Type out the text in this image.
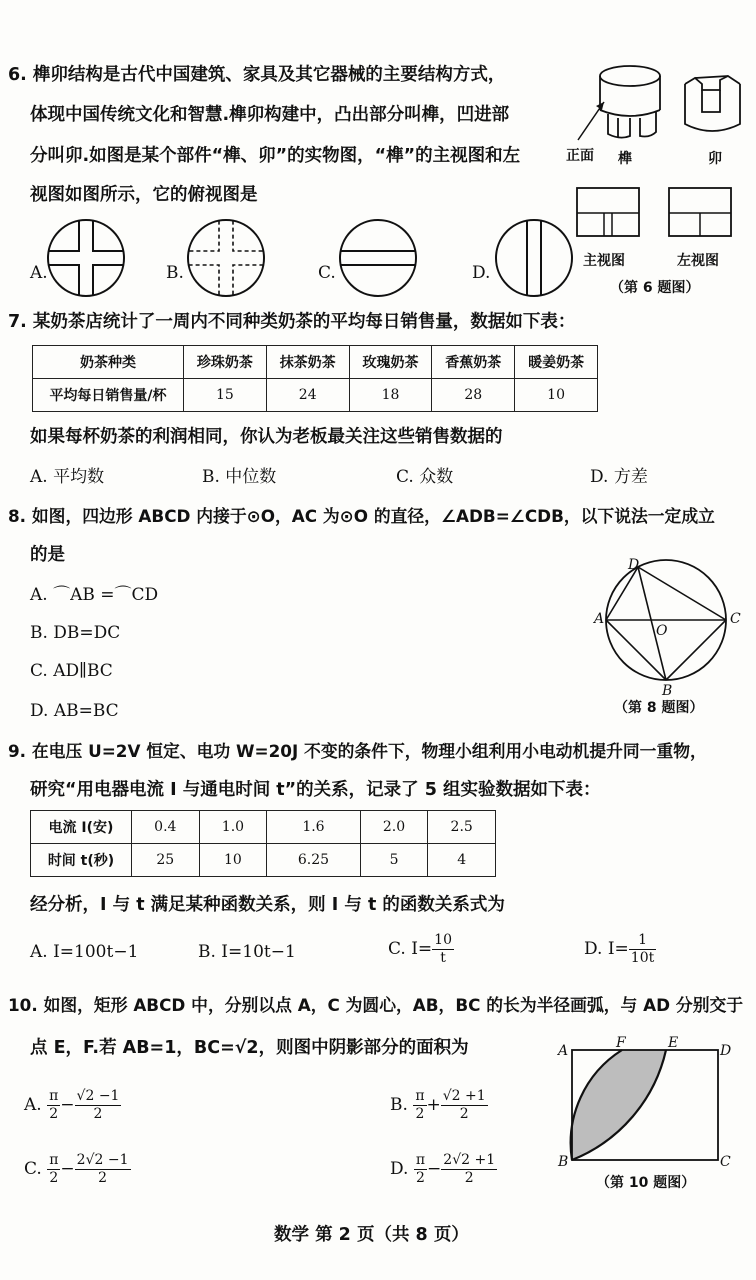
6. 榫卯结构是古代中国建筑、家具及其它器械的主要结构方式，
体现中国传统文化和智慧.榫卯构建中，凸出部分叫榫，凹进部
分叫卯.如图是某个部件“榫、卯”的实物图，“榫”的主视图和左
视图如图所示，它的俯视图是
正面 榫	卯
主视图	左视图
（第 6 题图）
A.	B.	C.	D.
7. 某奶茶店统计了一周内不同种类奶茶的平均每日销售量，数据如下表：
奶茶种类	珍珠奶茶	抹茶奶茶	玫瑰奶茶	香蕉奶茶	暖姜奶茶
平均每日销售量/杯	15	24	18	28	10
如果每杯奶茶的利润相同，你认为老板最关注这些销售数据的
A. 平均数	B. 中位数	C. 众数	D. 方差
8. 如图，四边形 ABCD 内接于⊙O，AC 为⊙O 的直径，∠ADB=∠CDB，以下说法一定成立
的是
A. ⌒AB =⌒CD
B. DB=DC
C. AD∥BC
D. AB=BC
D
A
O
C
B
（第 8 题图）
9. 在电压 U=2V 恒定、电功 W=20J 不变的条件下，物理小组利用小电动机提升同一重物，
研究“用电器电流 I 与通电时间 t”的关系，记录了 5 组实验数据如下表：
电流 I(安)	0.4	1.0	1.6	2.0	2.5
时间 t(秒)	25	10	6.25	5	4
经分析，I 与 t 满足某种函数关系，则 I 与 t 的函数关系式为
A. I=100t−1	B. I=10t−1	C. $I= \frac{10}{t}$	D. $I= \frac{1}{10t}$
10. 如图，矩形 ABCD 中，分别以点 A，C 为圆心，AB，BC 的长为半径画弧，与 AD 分别交于
点 E，F.若 AB=1，BC=√2，则图中阴影部分的面积为	A	F	E	D
B	C
（第 10 题图）
A. $\frac{\pi}{2} - \frac{√2 -1}{2}$	B. $\frac{\pi}{2} + \frac{√2 +1}{2}$
C. $\frac{\pi}{2} - \frac{2√2 -1}{2}$	D. $\frac{\pi}{2} - \frac{2√2 +1}{2}$
数学 第 2 页（共 8 页）
